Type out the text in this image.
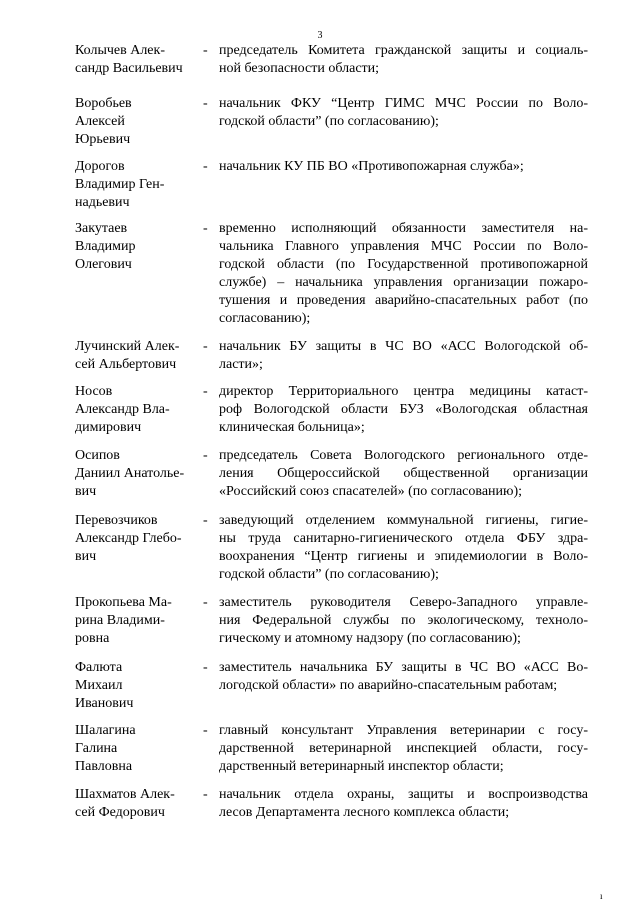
3
Колычев Алек-
сандр Васильевич
- председатель Комитета гражданской защиты и социаль-
ной безопасности области;
Воробьев
Алексей
Юрьевич
- начальник ФКУ “Центр ГИМС МЧС России по Воло-
годской области” (по согласованию);
Дорогов
Владимир Ген-
надьевич
- начальник КУ ПБ ВО «Противопожарная служба»;
Закутаев
Владимир
Олегович
- временно исполняющий обязанности заместителя на-
чальника Главного управления МЧС России по Воло-
годской области (по Государственной противопожарной
службе) – начальника управления организации пожаро-
тушения и проведения аварийно-спасательных работ (по
согласованию);
Лучинский Алек-
сей Альбертович
- начальник БУ защиты в ЧС ВО «АСС Вологодской об-
ласти»;
Носов
Александр Вла-
димирович
- директор Территориального центра медицины катаст-
роф Вологодской области БУЗ «Вологодская областная
клиническая больница»;
Осипов
Даниил Анатолье-
вич
- председатель Совета Вологодского регионального отде-
ления Общероссийской общественной организации
«Российский союз спасателей» (по согласованию);
Перевозчиков
Александр Глебо-
вич
- заведующий отделением коммунальной гигиены, гигие-
ны труда санитарно-гигиенического отдела ФБУ здра-
воохранения “Центр гигиены и эпидемиологии в Воло-
годской области” (по согласованию);
Прокопьева Ма-
рина Владими-
ровна
- заместитель руководителя Северо-Западного управле-
ния Федеральной службы по экологическому, техноло-
гическому и атомному надзору (по согласованию);
Фалюта
Михаил
Иванович
- заместитель начальника БУ защиты в ЧС ВО «АСС Во-
логодской области» по аварийно-спасательным работам;
Шалагина
Галина
Павловна
- главный консультант Управления ветеринарии с госу-
дарственной ветеринарной инспекцией области, госу-
дарственный ветеринарный инспектор области;
Шахматов Алек-
сей Федорович
- начальник отдела охраны, защиты и воспроизводства
лесов Департамента лесного комплекса области;
ı
